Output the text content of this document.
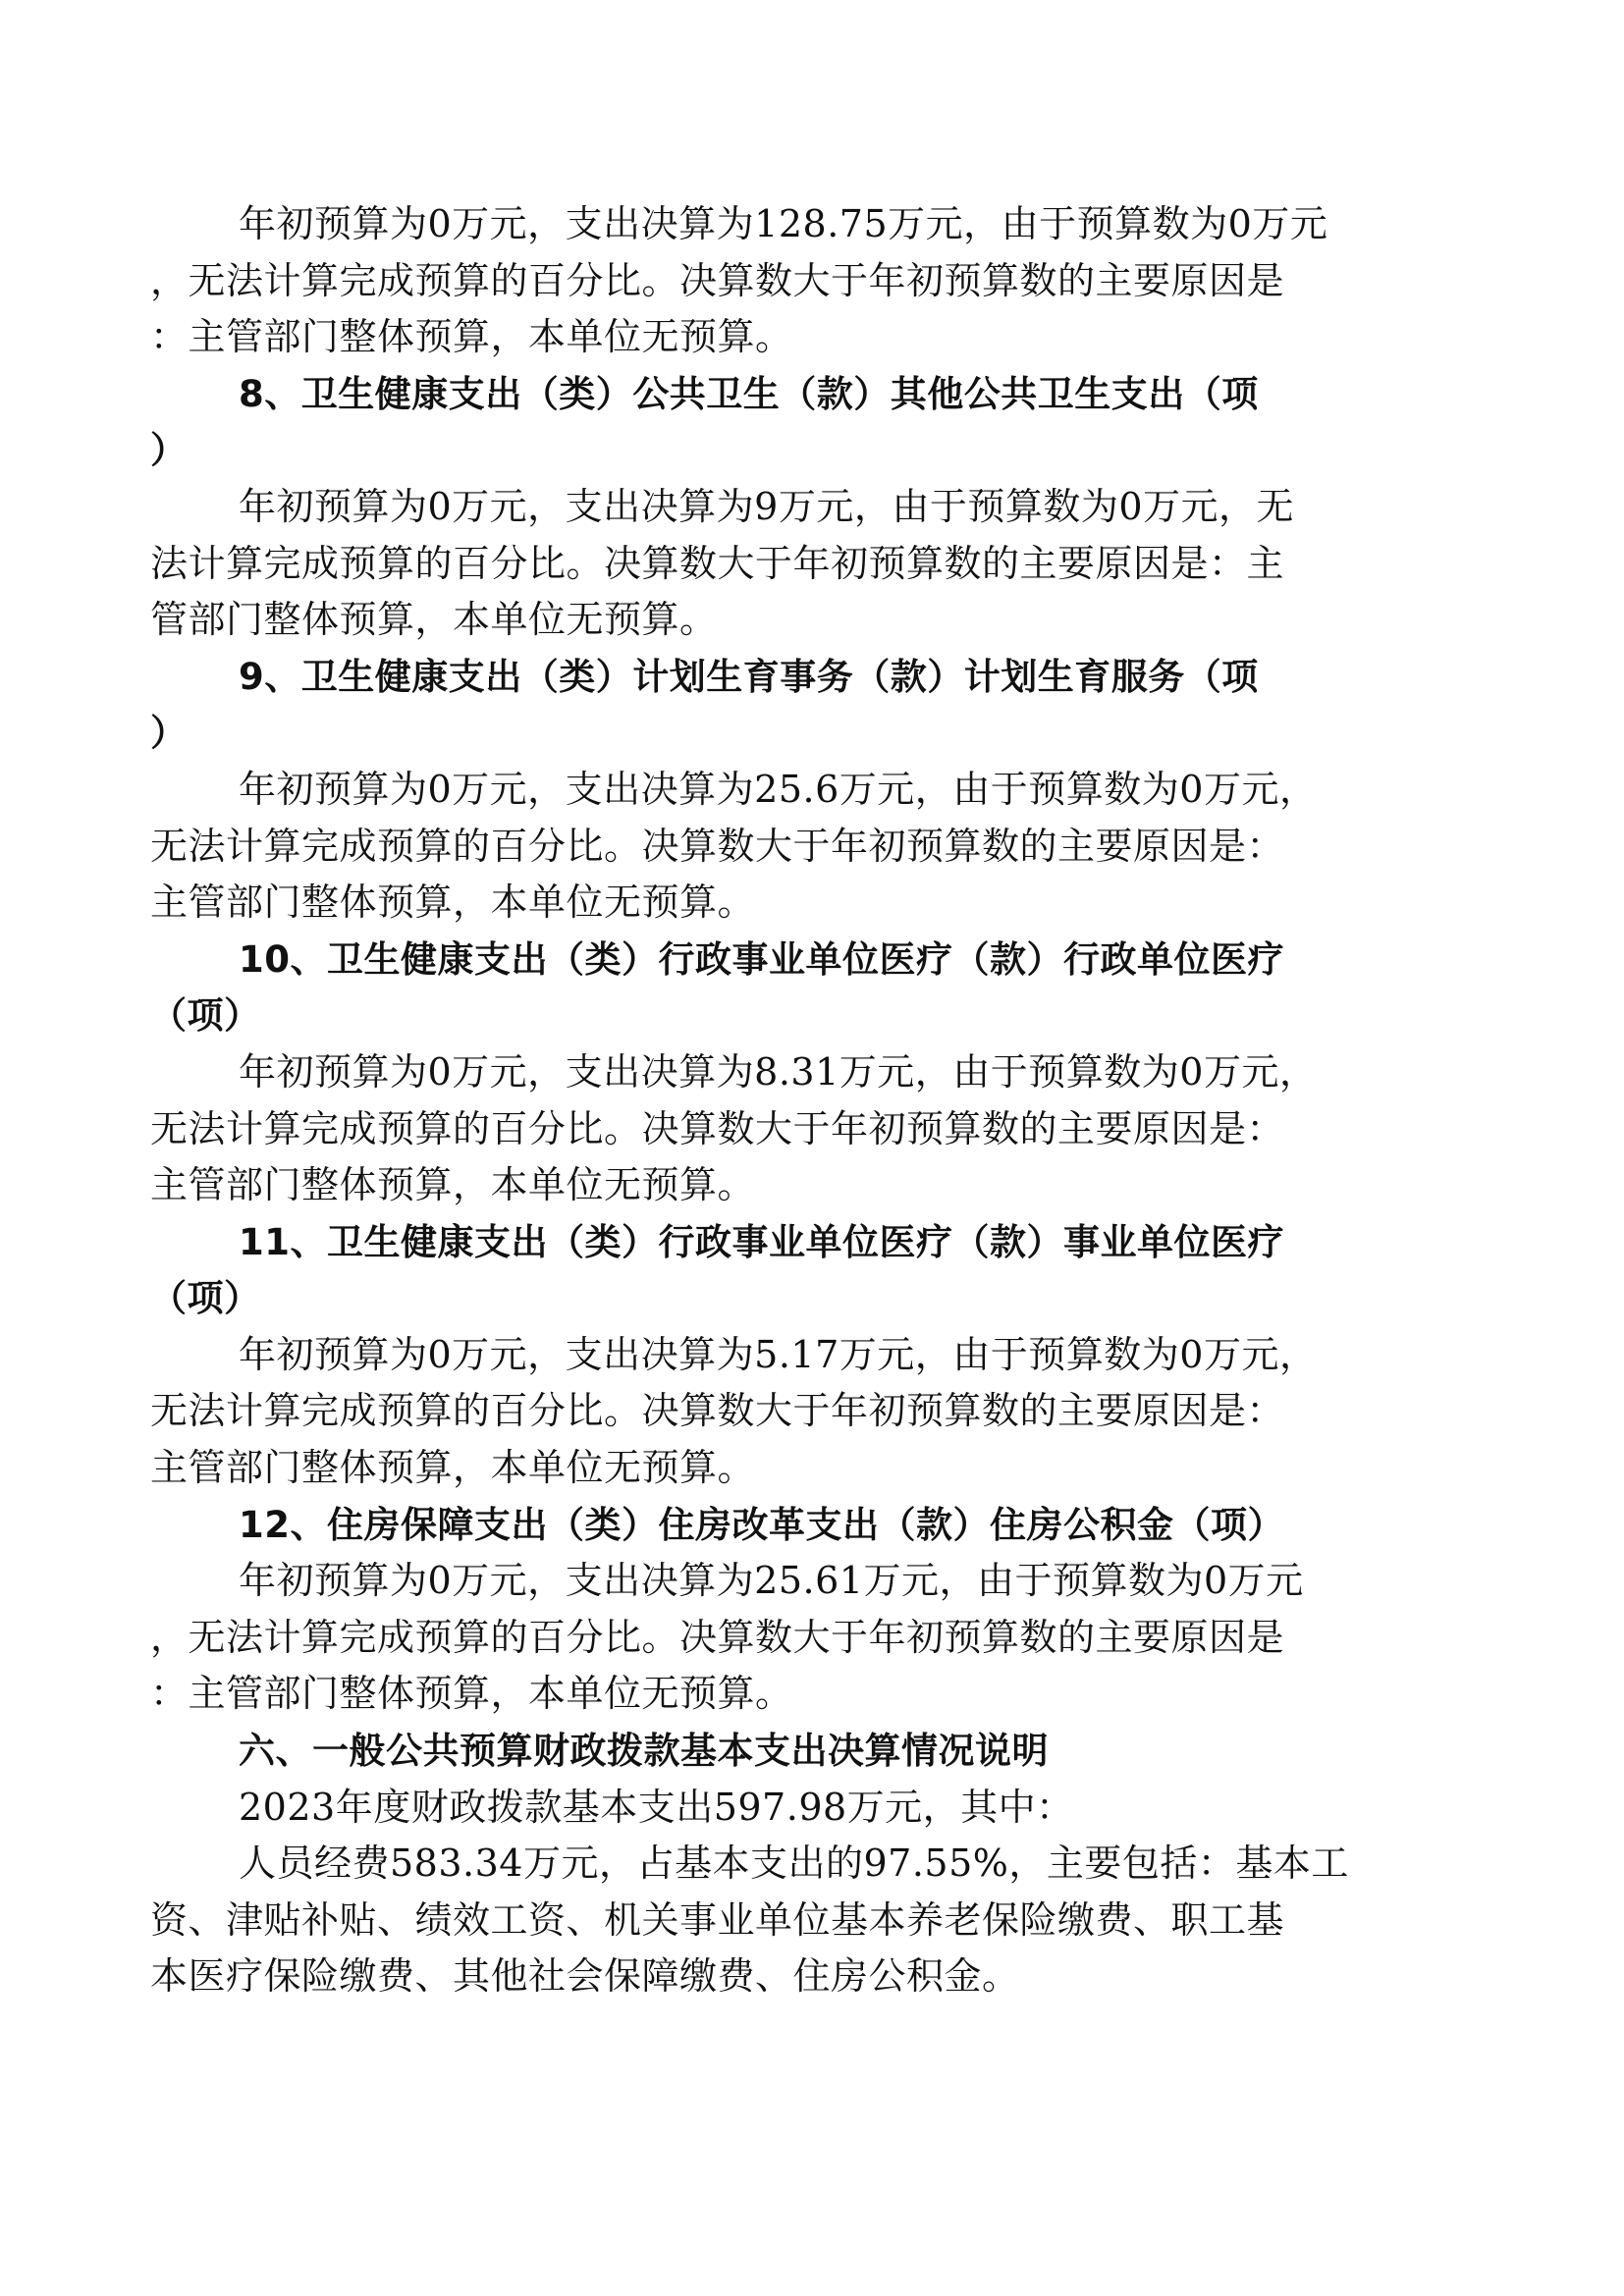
年初预算为0万元，支出决算为128.75万元，由于预算数为0万元
，无法计算完成预算的百分比。决算数大于年初预算数的主要原因是
：主管部门整体预算，本单位无预算。
8、卫生健康支出（类）公共卫生（款）其他公共卫生支出（项
）
年初预算为0万元，支出决算为9万元，由于预算数为0万元，无
法计算完成预算的百分比。决算数大于年初预算数的主要原因是：主
管部门整体预算，本单位无预算。
9、卫生健康支出（类）计划生育事务（款）计划生育服务（项
）
年初预算为0万元，支出决算为25.6万元，由于预算数为0万元，
无法计算完成预算的百分比。决算数大于年初预算数的主要原因是：
主管部门整体预算，本单位无预算。
10、卫生健康支出（类）行政事业单位医疗（款）行政单位医疗
（项）
年初预算为0万元，支出决算为8.31万元，由于预算数为0万元，
无法计算完成预算的百分比。决算数大于年初预算数的主要原因是：
主管部门整体预算，本单位无预算。
11、卫生健康支出（类）行政事业单位医疗（款）事业单位医疗
（项）
年初预算为0万元，支出决算为5.17万元，由于预算数为0万元，
无法计算完成预算的百分比。决算数大于年初预算数的主要原因是：
主管部门整体预算，本单位无预算。
12、住房保障支出（类）住房改革支出（款）住房公积金（项）
年初预算为0万元，支出决算为25.61万元，由于预算数为0万元
，无法计算完成预算的百分比。决算数大于年初预算数的主要原因是
：主管部门整体预算，本单位无预算。
六、一般公共预算财政拨款基本支出决算情况说明
2023年度财政拨款基本支出597.98万元，其中：
人员经费583.34万元，占基本支出的97.55%，主要包括：基本工
资、津贴补贴、绩效工资、机关事业单位基本养老保险缴费、职工基
本医疗保险缴费、其他社会保障缴费、住房公积金。
